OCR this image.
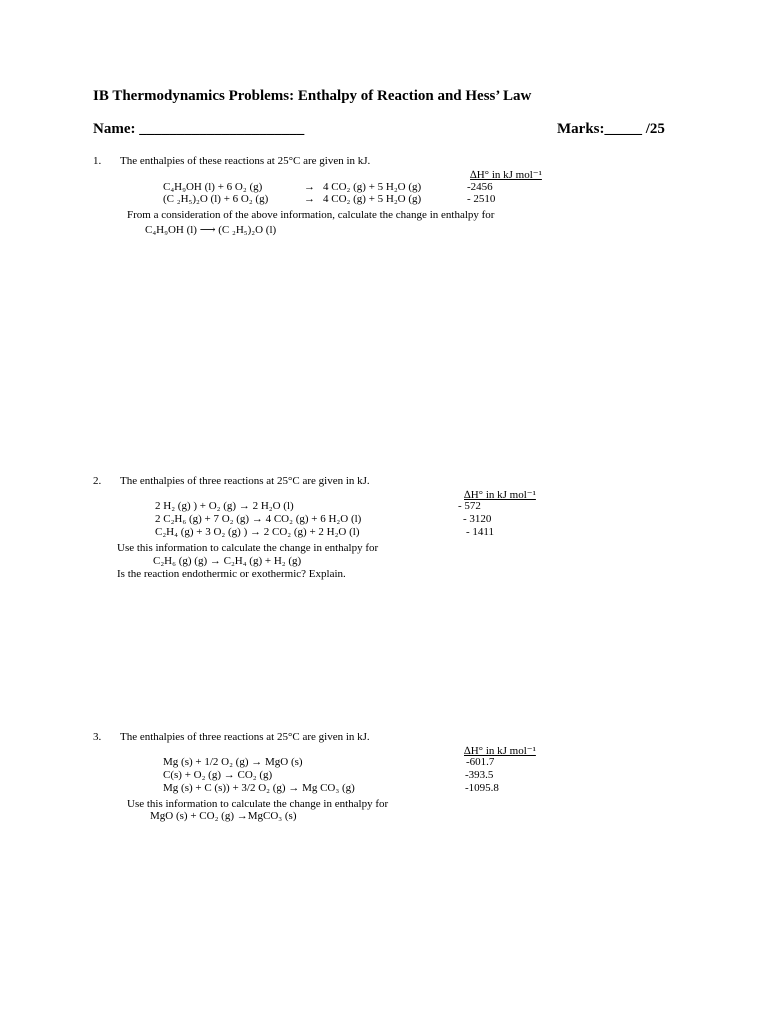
IB Thermodynamics Problems: Enthalpy of Reaction and Hess’ Law
Name: ______________________	Marks:_____ /25
1. The enthalpies of these reactions at 25°C are given in kJ.
∆H° in kJ mol⁻¹
C₄H₉OH (l) + 6 O₂ (g)	→ 4 CO₂ (g) + 5 H₂O (g)	-2456
(C ₂H₅)₂O (l) + 6 O₂ (g)	→ 4 CO₂ (g) + 5 H₂O (g)	- 2510
From a consideration of the above information, calculate the change in enthalpy for
C₄H₉OH (l) ⟶ (C ₂H₅)₂O (l)
2. The enthalpies of three reactions at 25°C are given in kJ.
∆H° in kJ mol⁻¹
2 H₂ (g) ) + O₂ (g) → 2 H₂O (l)	- 572
2 C₂H₆ (g) + 7 O₂ (g) → 4 CO₂ (g) + 6 H₂O (l)	- 3120
C₂H₄ (g) + 3 O₂ (g) ) → 2 CO₂ (g) + 2 H₂O (l)	- 1411
Use this information to calculate the change in enthalpy for
C₂H₆ (g) (g) → C₂H₄ (g) + H₂ (g)
Is the reaction endothermic or exothermic? Explain.
3. The enthalpies of three reactions at 25°C are given in kJ.
∆H° in kJ mol⁻¹
Mg (s) + 1/2 O₂ (g) → MgO (s)	-601.7
C(s) + O₂ (g) → CO₂ (g)	-393.5
Mg (s) + C (s)) + 3/2 O₂ (g) → Mg CO₃ (g)	-1095.8
Use this information to calculate the change in enthalpy for
MgO (s) + CO₂ (g) →MgCO₃ (s)
